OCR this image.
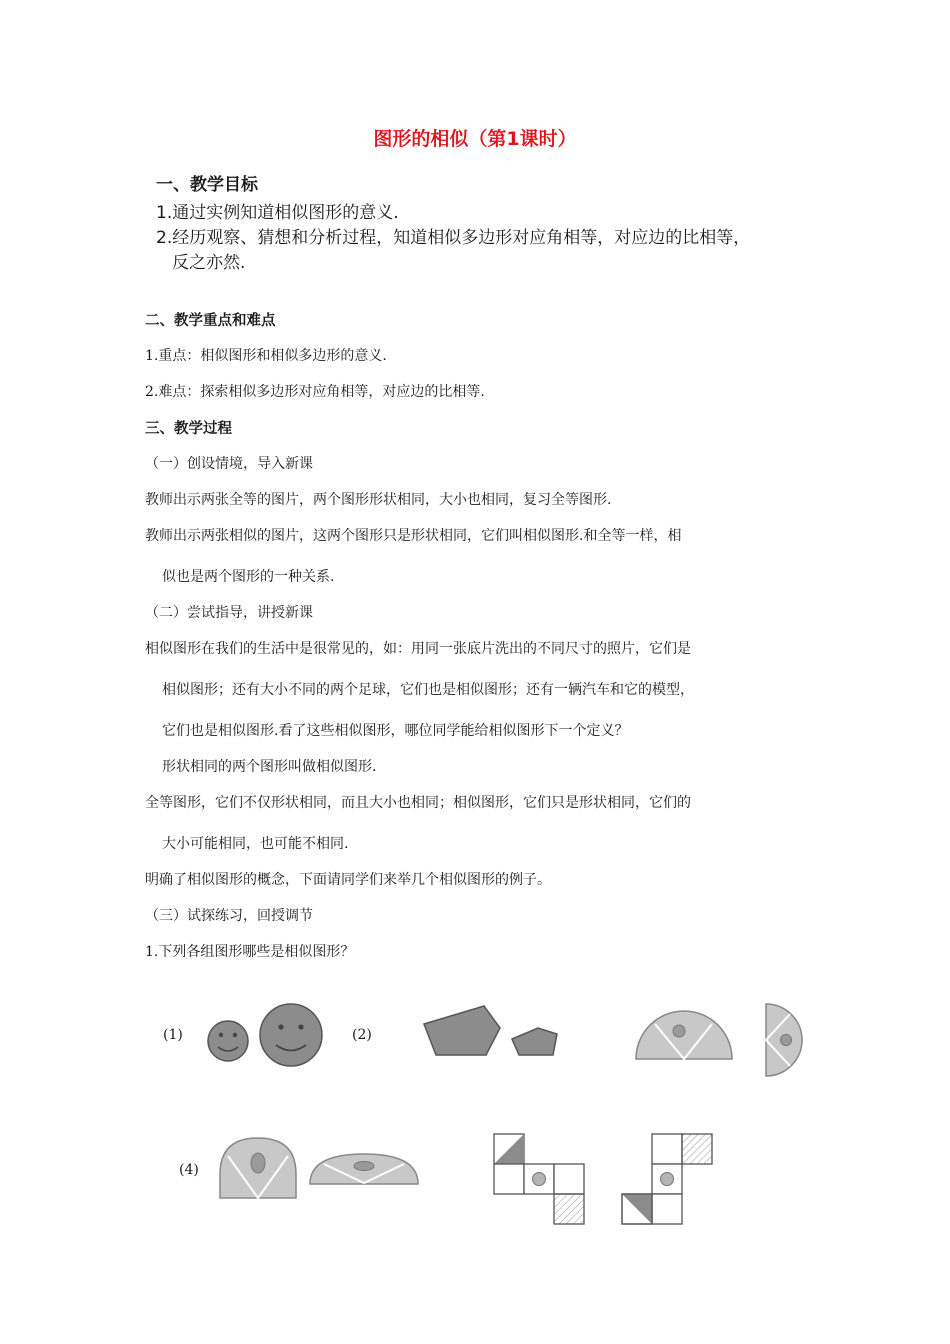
图形的相似（第1课时）
一、教学目标
1.通过实例知道相似图形的意义.
2.经历观察、猜想和分析过程，知道相似多边形对应角相等，对应边的比相等，
反之亦然.
二、教学重点和难点
1.重点：相似图形和相似多边形的意义.
2.难点：探索相似多边形对应角相等，对应边的比相等.
三、教学过程
（一）创设情境，导入新课
教师出示两张全等的图片，两个图形形状相同，大小也相同，复习全等图形.
教师出示两张相似的图片，这两个图形只是形状相同，它们叫相似图形.和全等一样，相
似也是两个图形的一种关系.
（二）尝试指导，讲授新课
相似图形在我们的生活中是很常见的，如：用同一张底片洗出的不同尺寸的照片，它们是
相似图形；还有大小不同的两个足球，它们也是相似图形；还有一辆汽车和它的模型，
它们也是相似图形.看了这些相似图形，哪位同学能给相似图形下一个定义？
形状相同的两个图形叫做相似图形.
全等图形，它们不仅形状相同，而且大小也相同；相似图形，它们只是形状相同，它们的
大小可能相同，也可能不相同.
明确了相似图形的概念，下面请同学们来举几个相似图形的例子。
（三）试探练习，回授调节
1.下列各组图形哪些是相似图形？
(1)	(2)
(4)
